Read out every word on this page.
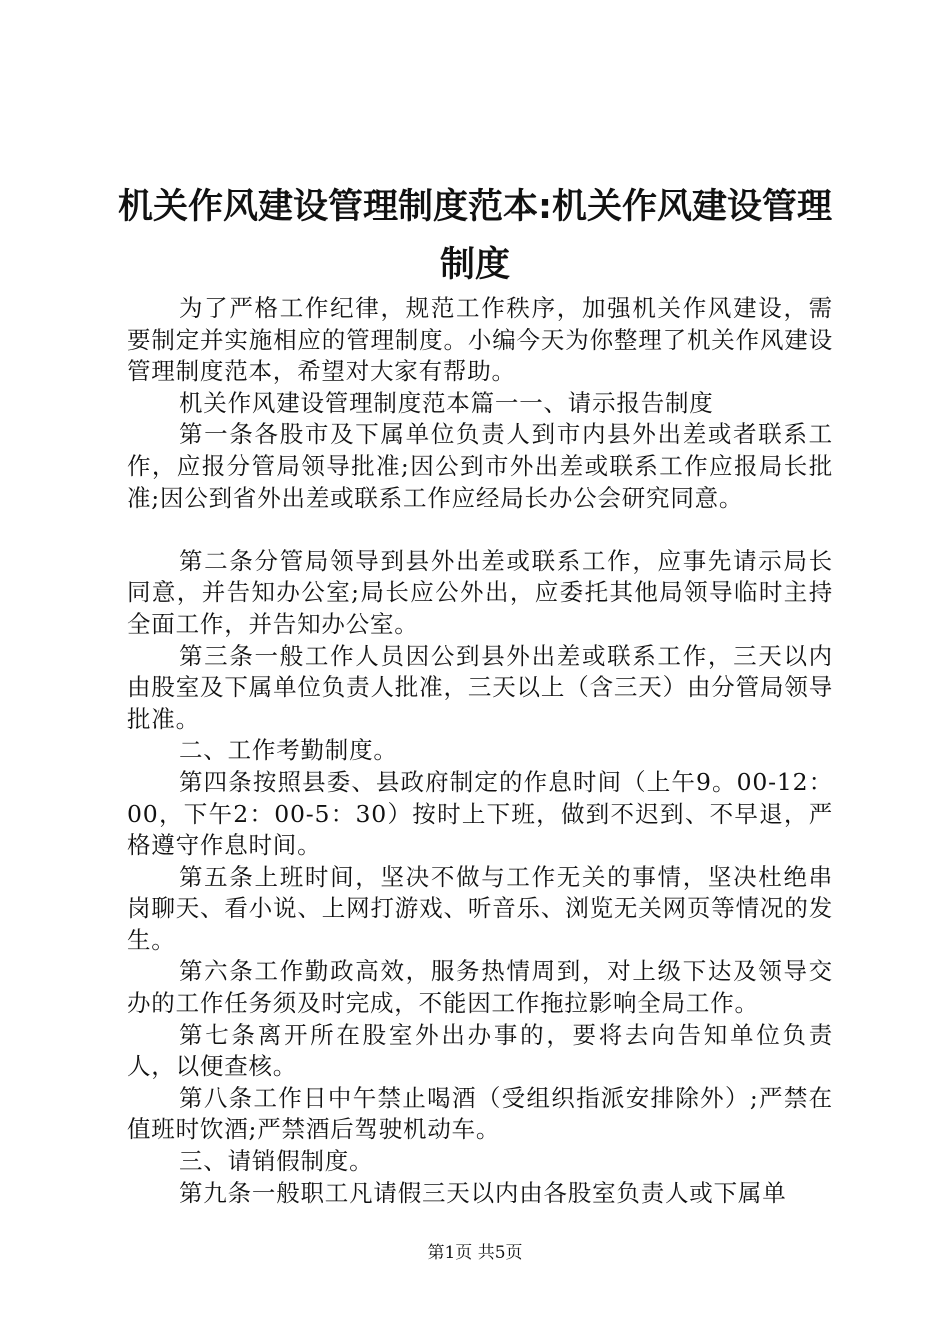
机关作风建设管理制度范本:机关作风建设管理制度

为了严格工作纪律，规范工作秩序，加强机关作风建设，需要制定并实施相应的管理制度。小编今天为你整理了机关作风建设管理制度范本，希望对大家有帮助。

机关作风建设管理制度范本篇一一、请示报告制度

第一条各股市及下属单位负责人到市内县外出差或者联系工作，应报分管局领导批准;因公到市外出差或联系工作应报局长批准;因公到省外出差或联系工作应经局长办公会研究同意。

第二条分管局领导到县外出差或联系工作，应事先请示局长同意，并告知办公室;局长应公外出，应委托其他局领导临时主持全面工作，并告知办公室。

第三条一般工作人员因公到县外出差或联系工作，三天以内由股室及下属单位负责人批准，三天以上（含三天）由分管局领导批准。

二、工作考勤制度。

第四条按照县委、县政府制定的作息时间（上午9。00-12：00，下午2：00-5：30）按时上下班，做到不迟到、不早退，严格遵守作息时间。

第五条上班时间，坚决不做与工作无关的事情，坚决杜绝串岗聊天、看小说、上网打游戏、听音乐、浏览无关网页等情况的发生。

第六条工作勤政高效，服务热情周到，对上级下达及领导交办的工作任务须及时完成，不能因工作拖拉影响全局工作。

第七条离开所在股室外出办事的，要将去向告知单位负责人，以便查核。

第八条工作日中午禁止喝酒（受组织指派安排除外）;严禁在值班时饮酒;严禁酒后驾驶机动车。

三、请销假制度。

第九条一般职工凡请假三天以内由各股室负责人或下属单

第1页 共5页
